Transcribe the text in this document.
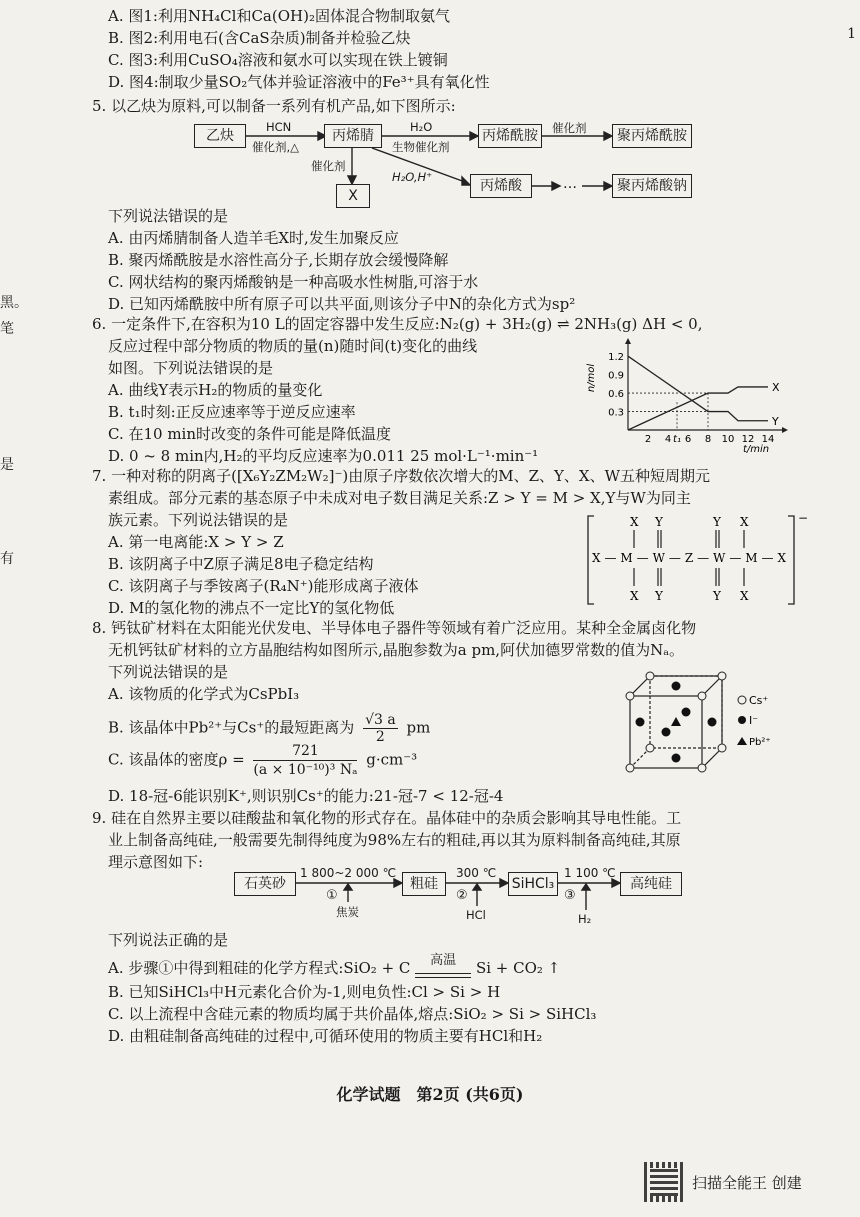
黑。
笔
是
有
1
A. 图1:利用NH₄Cl和Ca(OH)₂固体混合物制取氨气
B. 图2:利用电石(含CaS杂质)制备并检验乙炔
C. 图3:利用CuSO₄溶液和氨水可以实现在铁上镀铜
D. 图4:制取少量SO₂气体并验证溶液中的Fe³⁺具有氧化性
5. 以乙炔为原料,可以制备一系列有机产品,如下图所示:
乙炔	丙烯腈	丙烯酰胺	聚丙烯酰胺
X
丙烯酸	…	聚丙烯酸钠
HCN
催化剂,△
H₂O
生物催化剂
催化剂
催化剂
H₂O,H⁺
下列说法错误的是
A. 由丙烯腈制备人造羊毛X时,发生加聚反应
B. 聚丙烯酰胺是水溶性高分子,长期存放会缓慢降解
C. 网状结构的聚丙烯酸钠是一种高吸水性树脂,可溶于水
D. 已知丙烯酰胺中所有原子可以共平面,则该分子中N的杂化方式为sp²
6. 一定条件下,在容积为10 L的固定容器中发生反应:N₂(g) + 3H₂(g) ⇌ 2NH₃(g) ΔH < 0,
反应过程中部分物质的物质的量(n)随时间(t)变化的曲线
如图。下列说法错误的是
A. 曲线Y表示H₂的物质的量变化
B. t₁时刻:正反应速率等于逆反应速率
C. 在10 min时改变的条件可能是降低温度
D. 0 ~ 8 min内,H₂的平均反应速率为0.011 25 mol·L⁻¹·min⁻¹
1.2
0.9
0.6
0.3
2 4 t₁ 6 8 10 12 14
X
Y
n/mol
t/min
7. 一种对称的阴离子([X₆Y₂ZM₂W₂]⁻)由原子序数依次增大的M、Z、Y、X、W五种短周期元
素组成。部分元素的基态原子中未成对电子数目满足关系:Z > Y = M > X,Y与W为同主
族元素。下列说法错误的是
A. 第一电离能:X > Y > Z
B. 该阴离子中Z原子满足8电子稳定结构
C. 该阴离子与季铵离子(R₄N⁺)能形成离子液体
D. M的氢化物的沸点不一定比Y的氢化物低
−
X Y	Y X
X Y	Y X
X—M—W—Z—W—M—X
8. 钙钛矿材料在太阳能光伏发电、半导体电子器件等领域有着广泛应用。某种全金属卤化物
无机钙钛矿材料的立方晶胞结构如图所示,晶胞参数为a pm,阿伏加德罗常数的值为Nₐ。
下列说法错误的是
A. 该物质的化学式为CsPbI₃
B. 该晶体中Pb²⁺与Cs⁺的最短距离为 $\frac{√3 a}{2}$ pm
C. 该晶体的密度$\rho = \frac{721}{\text{(a × 10⁻¹⁰)³ Nₐ}} g\cdot cm^{-3}$
D. 18-冠-6能识别K⁺,则识别Cs⁺的能力:21-冠-7 < 12-冠-4
Cs⁺
I⁻
Pb²⁺
9. 硅在自然界主要以硅酸盐和氧化物的形式存在。晶体硅中的杂质会影响其导电性能。工
业上制备高纯硅,一般需要先制得纯度为98%左右的粗硅,再以其为原料制备高纯硅,其原
理示意图如下:
石英砂	粗硅	SiHCl₃	高纯硅
1 800~2 000 ℃	300 ℃	1 100 ℃
①	②	③
焦炭	HCl	H₂
下列说法正确的是
A. 步骤①中得到粗硅的化学方程式:SiO₂ + C	高温	Si + CO₂ ↑
B. 已知SiHCl₃中H元素化合价为-1,则电负性:Cl > Si > H
C. 以上流程中含硅元素的物质均属于共价晶体,熔点:SiO₂ > Si > SiHCl₃
D. 由粗硅制备高纯硅的过程中,可循环使用的物质主要有HCl和H₂
化学试题　第2页 (共6页)
扫描全能王 创建
